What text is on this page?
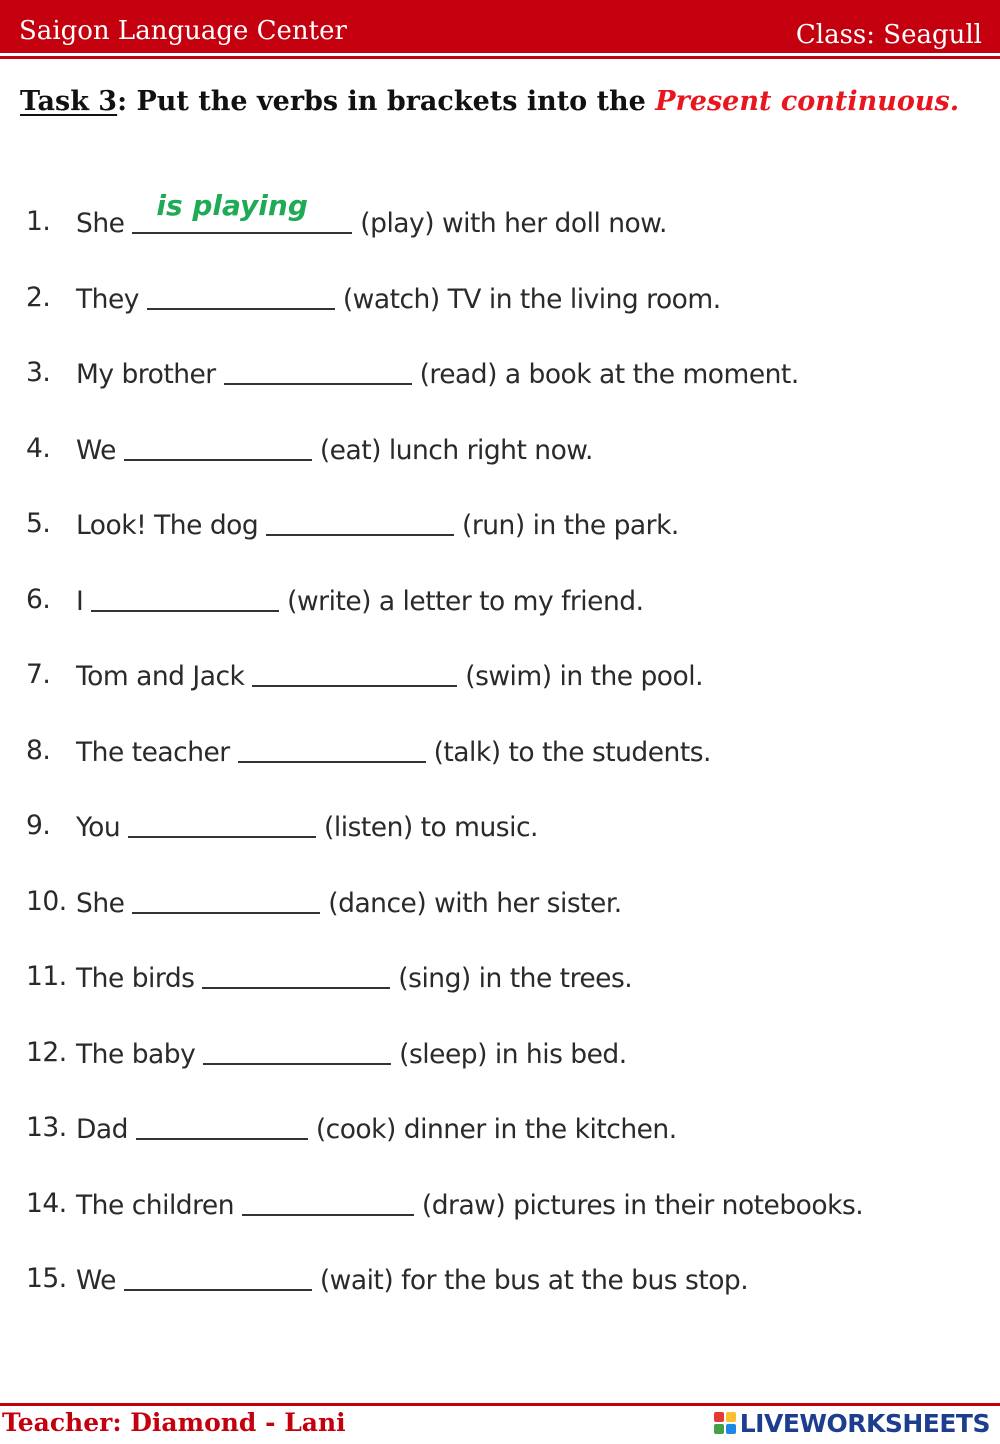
Saigon Language Center	Class: Seagull
Task 3: Put the verbs in brackets into the Present continuous.
1. She
is playing
(play) with her doll now.
2. They	(watch) TV in the living room.
3. My brother	(read) a book at the moment.
4. We	(eat) lunch right now.
5. Look! The dog	(run) in the park.
6. I	(write) a letter to my friend.
7. Tom and Jack	(swim) in the pool.
8. The teacher	(talk) to the students.
9. You	(listen) to music.
10. She	(dance) with her sister.
11. The birds	(sing) in the trees.
12. The baby	(sleep) in his bed.
13. Dad	(cook) dinner in the kitchen.
14. The children	(draw) pictures in their notebooks.
15. We	(wait) for the bus at the bus stop.
Teacher: Diamond - Lani	LIVEWORKSHEETS
